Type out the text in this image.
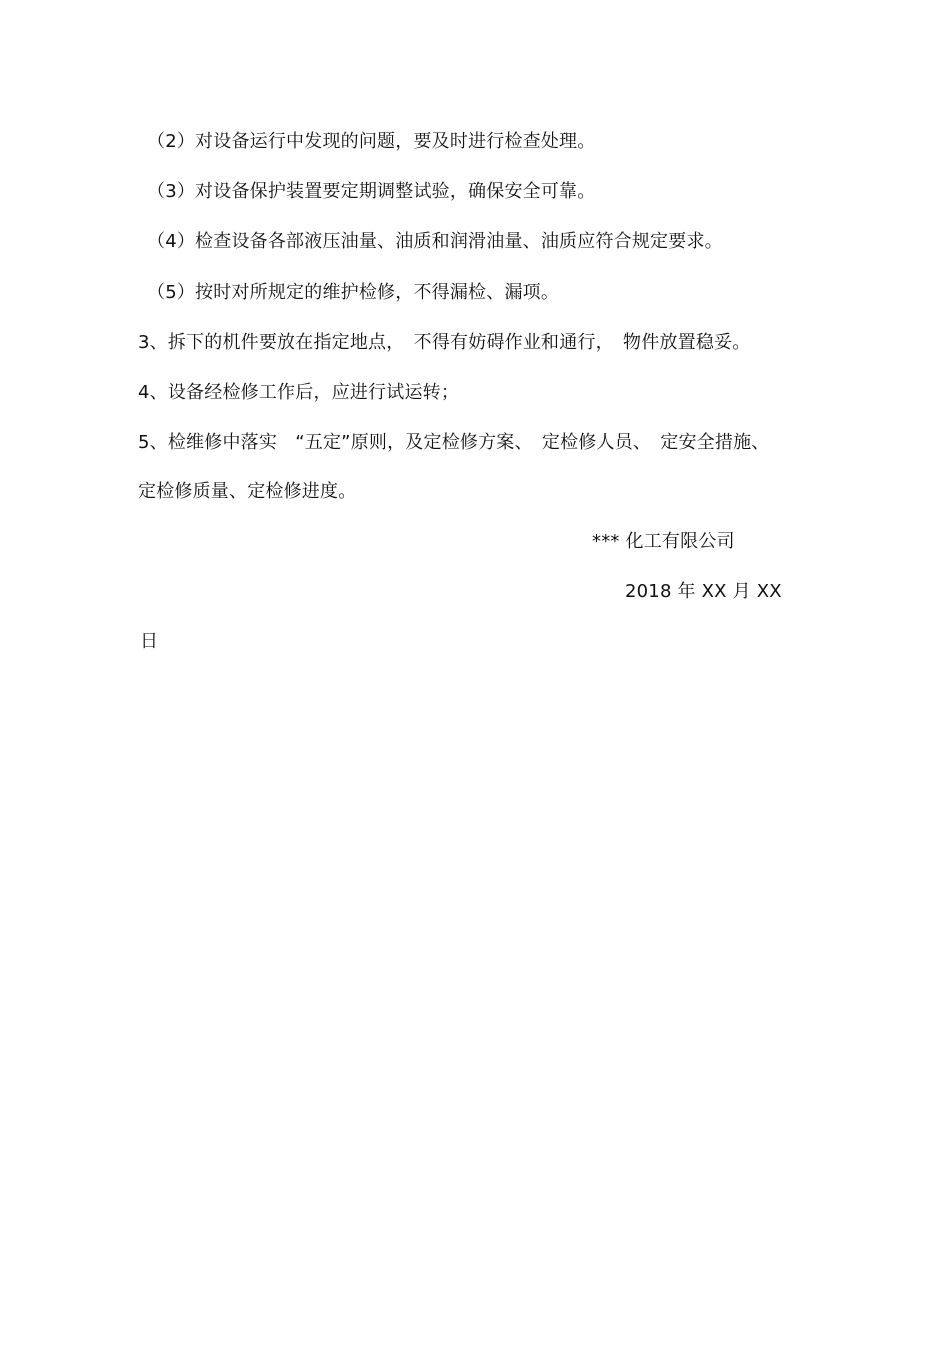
（2）对设备运行中发现的问题，要及时进行检查处理。
（3）对设备保护装置要定期调整试验，确保安全可靠。
（4）检查设备各部液压油量、油质和润滑油量、油质应符合规定要求。
（5）按时对所规定的维护检修，不得漏检、漏项。
3、拆下的机件要放在指定地点，　不得有妨碍作业和通行，　物件放置稳妥。
4、设备经检修工作后，应进行试运转；
5、检维修中落实　“五定”原则，及定检修方案、　定检修人员、　定安全措施、
定检修质量、定检修进度。
*** 化工有限公司
2018 年 XX 月 XX
日
